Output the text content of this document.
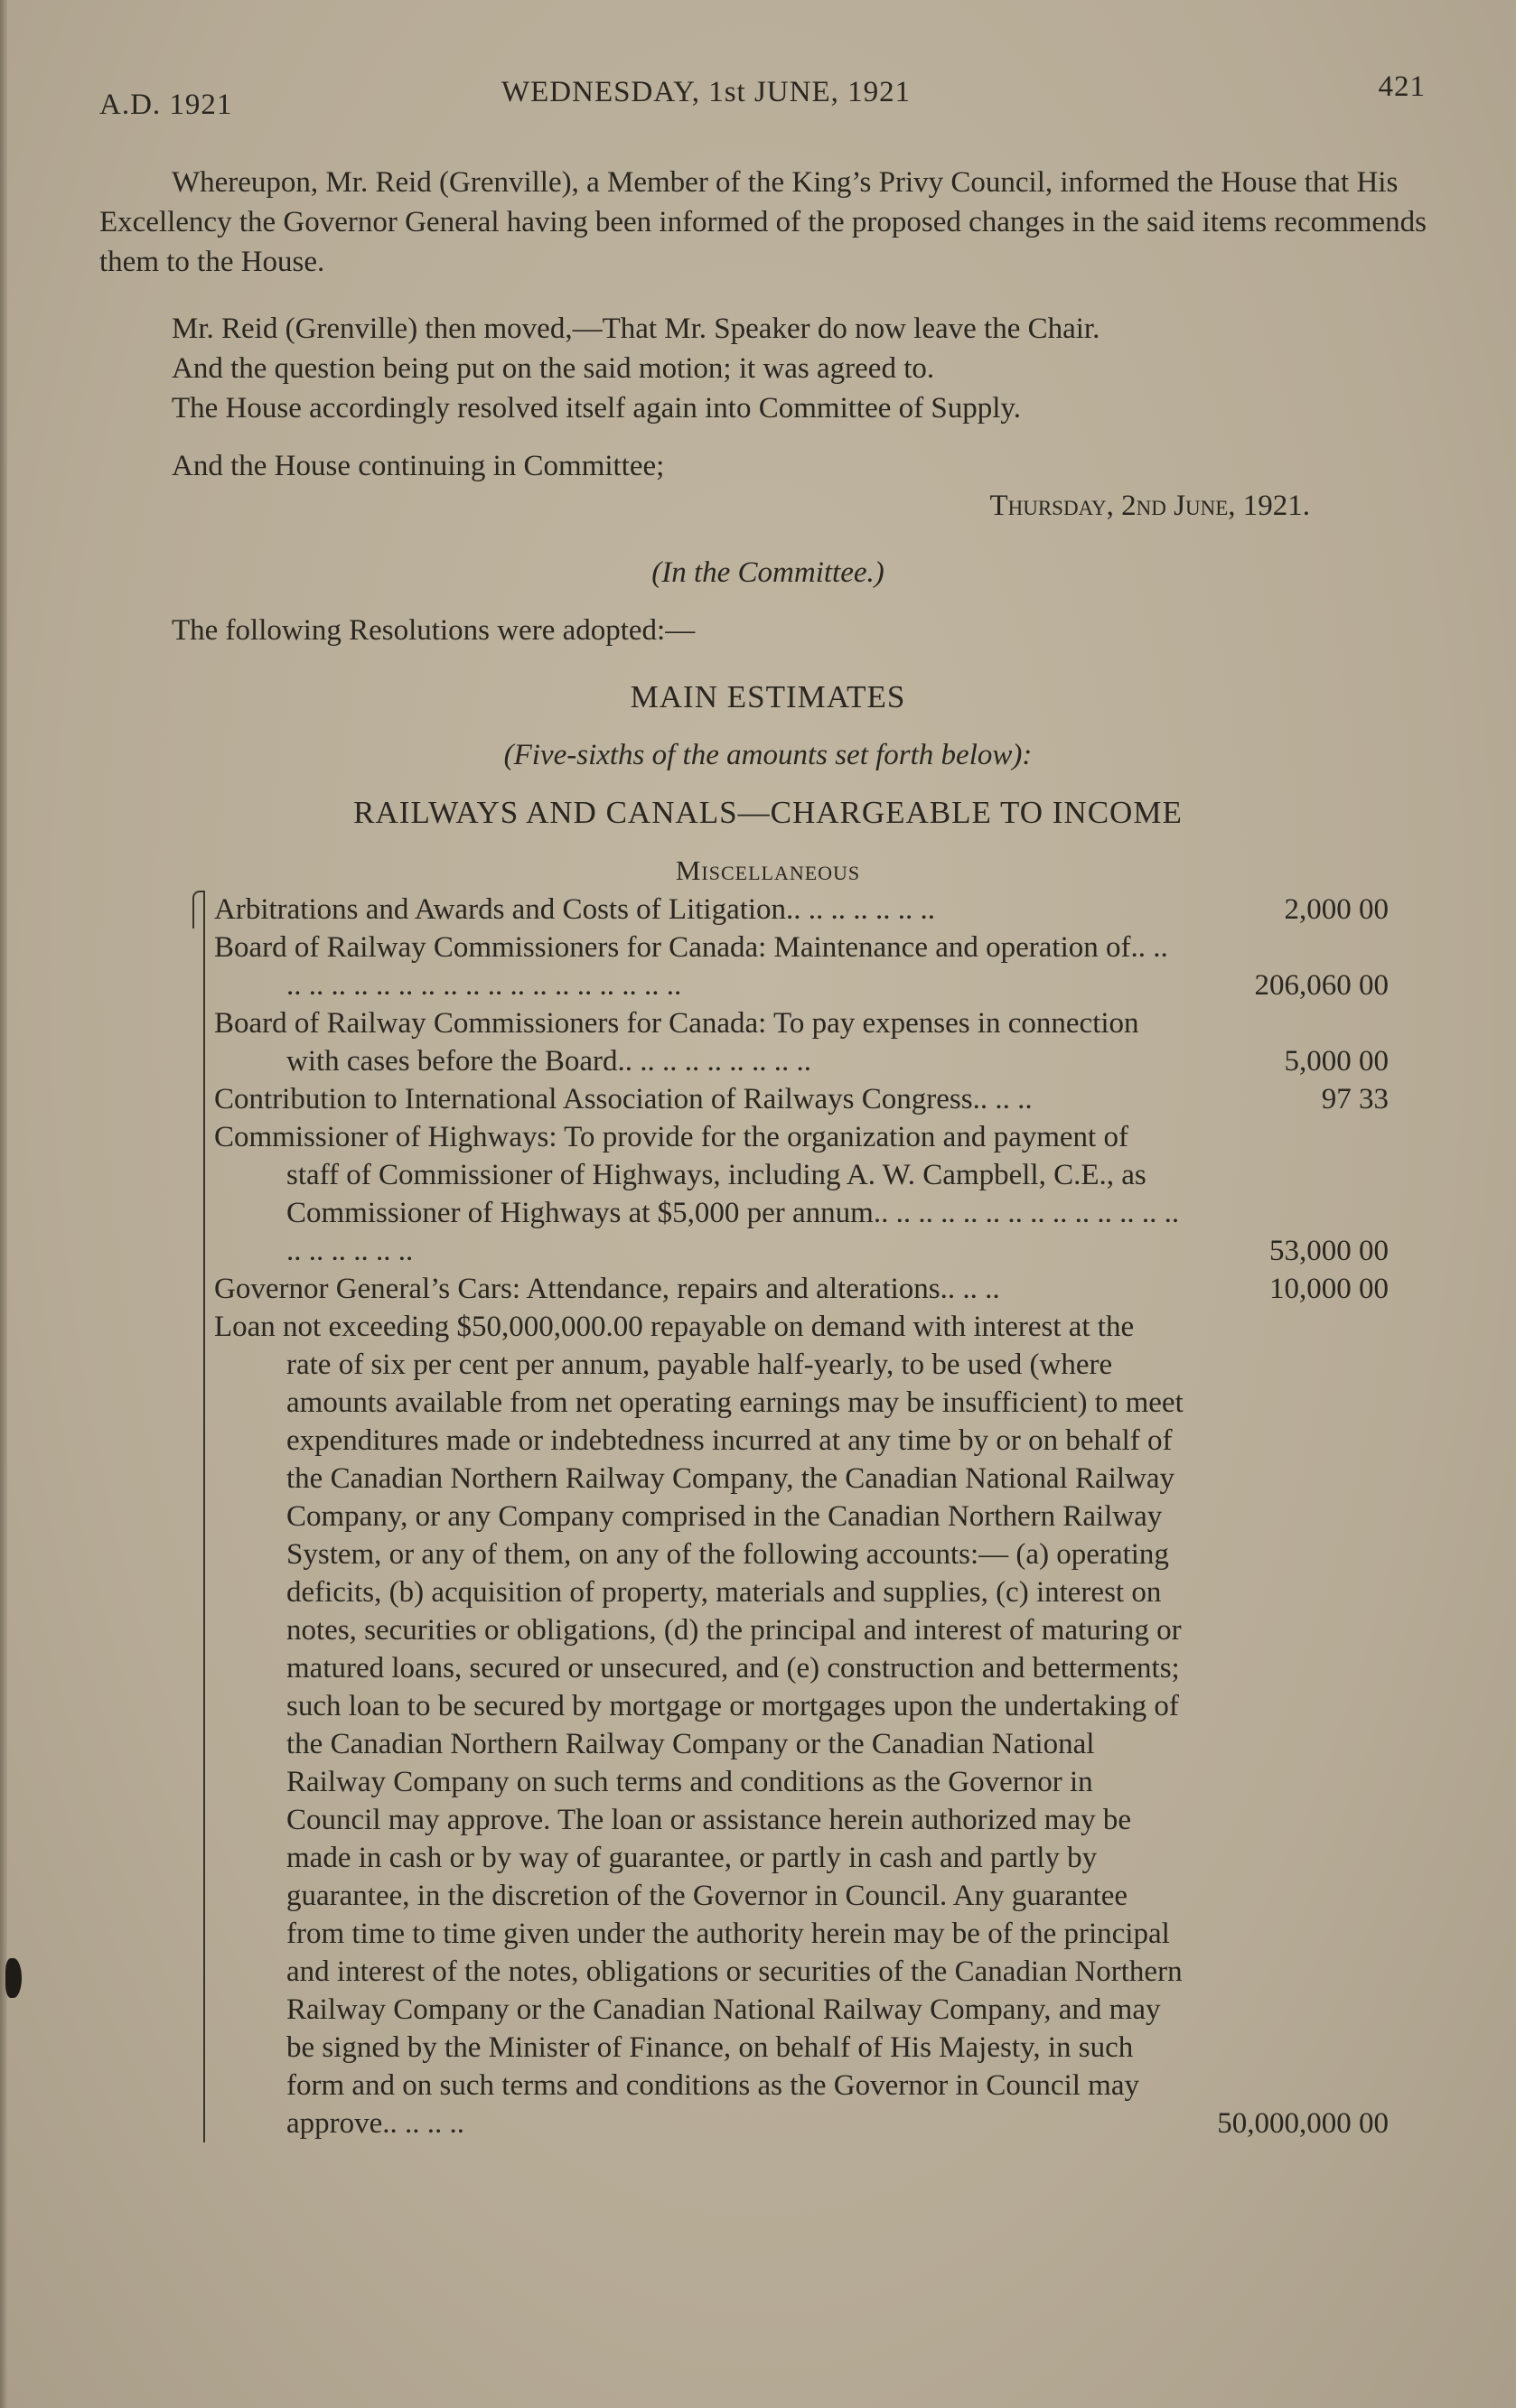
A.D. 1921	WEDNESDAY, 1st JUNE, 1921	421

Whereupon, Mr. Reid (Grenville), a Member of the King’s Privy Council, informed the House that His Excellency the Governor General having been informed of the proposed changes in the said items recommends them to the House.

Mr. Reid (Grenville) then moved,—That Mr. Speaker do now leave the Chair.

And the question being put on the said motion; it was agreed to.

The House accordingly resolved itself again into Committee of Supply.

And the House continuing in Committee;

Thursday, 2nd June, 1921.

(In the Committee.)

The following Resolutions were adopted:—

MAIN ESTIMATES

(Five-sixths of the amounts set forth below):

RAILWAYS AND CANALS—CHARGEABLE TO INCOME

Miscellaneous

Arbitrations and Awards and Costs of Litigation.. .. .. .. .. .. ..	2,000 00
Board of Railway Commissioners for Canada: Maintenance and operation of.. .. .. .. .. .. .. .. .. .. .. .. .. .. .. .. .. .. .. ..	206,060 00
Board of Railway Commissioners for Canada: To pay expenses in connection with cases before the Board.. .. .. .. .. .. .. .. ..	5,000 00
Contribution to International Association of Railways Congress.. .. ..	97 33
Commissioner of Highways: To provide for the organization and payment of staff of Commissioner of Highways, including A. W. Campbell, C.E., as Commissioner of Highways at $5,000 per annum.. .. .. .. .. .. .. .. .. .. .. .. .. .. .. .. .. .. .. ..	53,000 00
Governor General’s Cars: Attendance, repairs and alterations.. .. ..	10,000 00
Loan not exceeding $50,000,000.00 repayable on demand with interest at the rate of six per cent per annum, payable half-yearly, to be used (where amounts available from net operating earnings may be insufficient) to meet expenditures made or indebtedness incurred at any time by or on behalf of the Canadian Northern Railway Company, the Canadian National Railway Company, or any Company comprised in the Canadian Northern Railway System, or any of them, on any of the following accounts:— (a) operating deficits, (b) acquisition of property, materials and supplies, (c) interest on notes, securities or obligations, (d) the principal and interest of maturing or matured loans, secured or unsecured, and (e) construction and betterments; such loan to be secured by mortgage or mortgages upon the undertaking of the Canadian Northern Railway Company or the Canadian National Railway Company on such terms and conditions as the Governor in Council may approve. The loan or assistance herein authorized may be made in cash or by way of guarantee, or partly in cash and partly by guarantee, in the discretion of the Governor in Council. Any guarantee from time to time given under the authority herein may be of the principal and interest of the notes, obligations or securities of the Canadian Northern Railway Company or the Canadian National Railway Company, and may be signed by the Minister of Finance, on behalf of His Majesty, in such form and on such terms and conditions as the Governor in Council may approve.. .. .. ..	50,000,000 00
